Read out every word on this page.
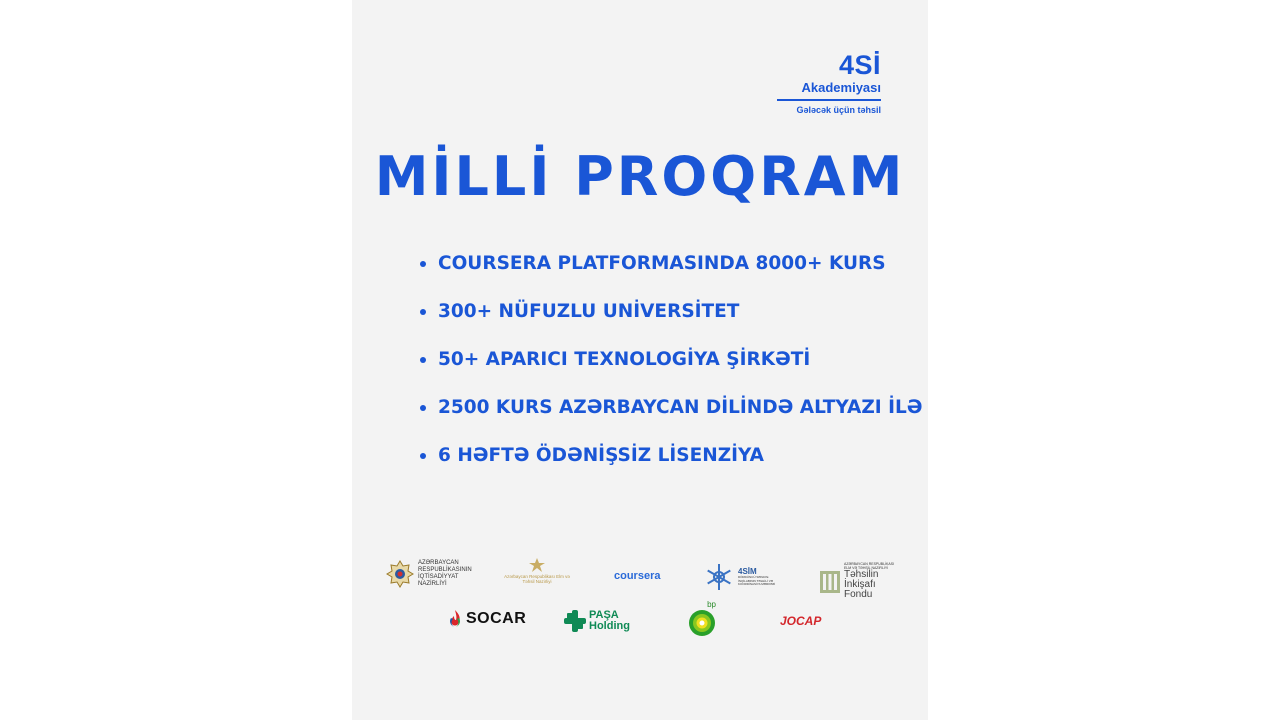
4Sİ
Akademiyası
Gələcək üçün təhsil
MİLLİ PROQRAM
COURSERA PLATFORMASINDA 8000+ KURS
300+ NÜFUZLU UNİVERSİTET
50+ APARICI TEXNOLOGİYA ŞİRKƏTİ
2500 KURS AZƏRBAYCAN DİLİNDƏ ALTYAZI İLƏ
6 HƏFTƏ ÖDƏNİŞSİZ LİSENZİYA
AZƏRBAYCAN RESPUBLİKASININ İQTİSADİYYAT NAZİRLİYİ
Azərbaycan Respublikası Elm və Təhsil Nazirliyi	coursera	4SİM
DÖRDÜNCÜ SƏNAYE İNQİLABININ TƏHLİLİ VƏ KOORDİNASİYA MƏRKƏZİ
AZƏRBAYCAN RESPUBLİKASI ELM VƏ TƏHSİL NAZİRLİYİ
Təhsilin İnkişafı Fondu
SOCAR	PAŞA
Holding
bp
JOCAP
